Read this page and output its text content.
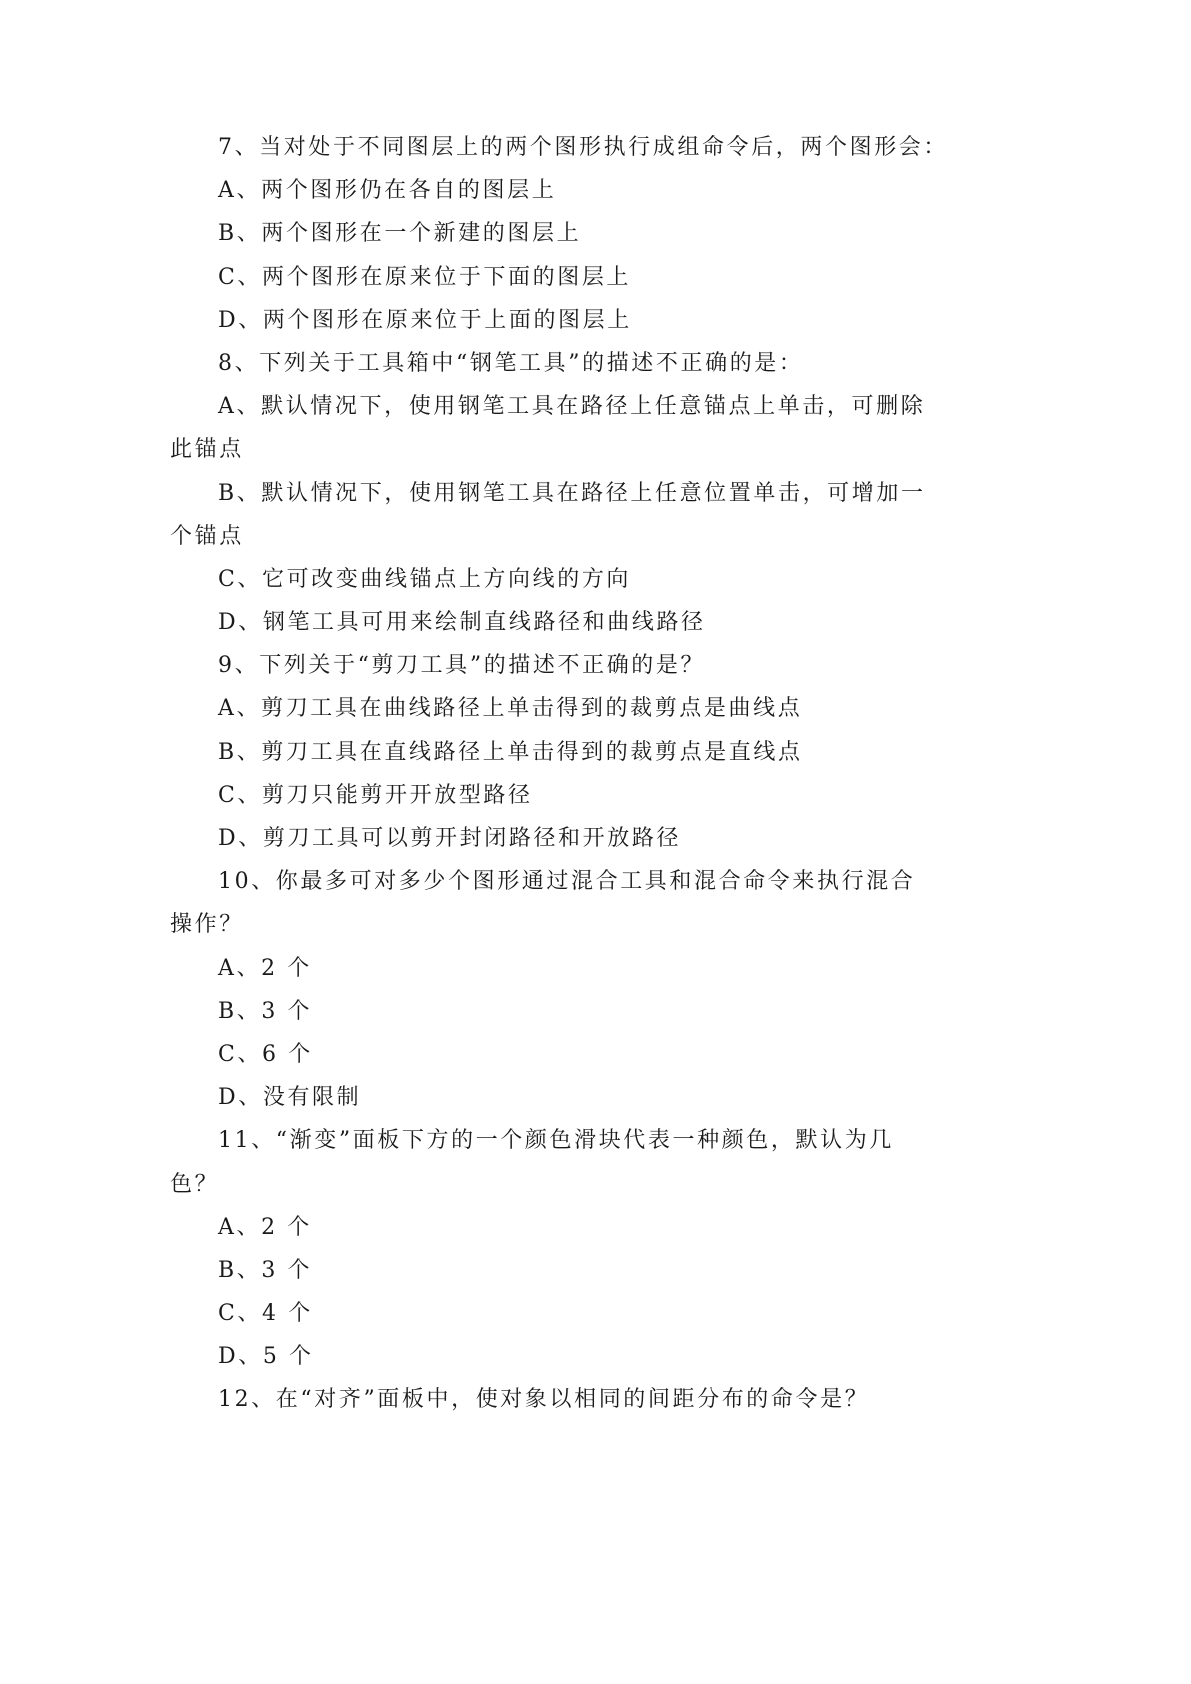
7、当对处于不同图层上的两个图形执行成组命令后，两个图形会：
A、两个图形仍在各自的图层上
B、两个图形在一个新建的图层上
C、两个图形在原来位于下面的图层上
D、两个图形在原来位于上面的图层上
8、下列关于工具箱中“钢笔工具”的描述不正确的是：
A、默认情况下，使用钢笔工具在路径上任意锚点上单击，可删除
此锚点
B、默认情况下，使用钢笔工具在路径上任意位置单击，可增加一
个锚点
C、它可改变曲线锚点上方向线的方向
D、钢笔工具可用来绘制直线路径和曲线路径
9、下列关于“剪刀工具”的描述不正确的是？
A、剪刀工具在曲线路径上单击得到的裁剪点是曲线点
B、剪刀工具在直线路径上单击得到的裁剪点是直线点
C、剪刀只能剪开开放型路径
D、剪刀工具可以剪开封闭路径和开放路径
10、你最多可对多少个图形通过混合工具和混合命令来执行混合
操作？
A、2 个
B、3 个
C、6 个
D、没有限制
11、“渐变”面板下方的一个颜色滑块代表一种颜色，默认为几
色？
A、2 个
B、3 个
C、4 个
D、5 个
12、在“对齐”面板中，使对象以相同的间距分布的命令是？
